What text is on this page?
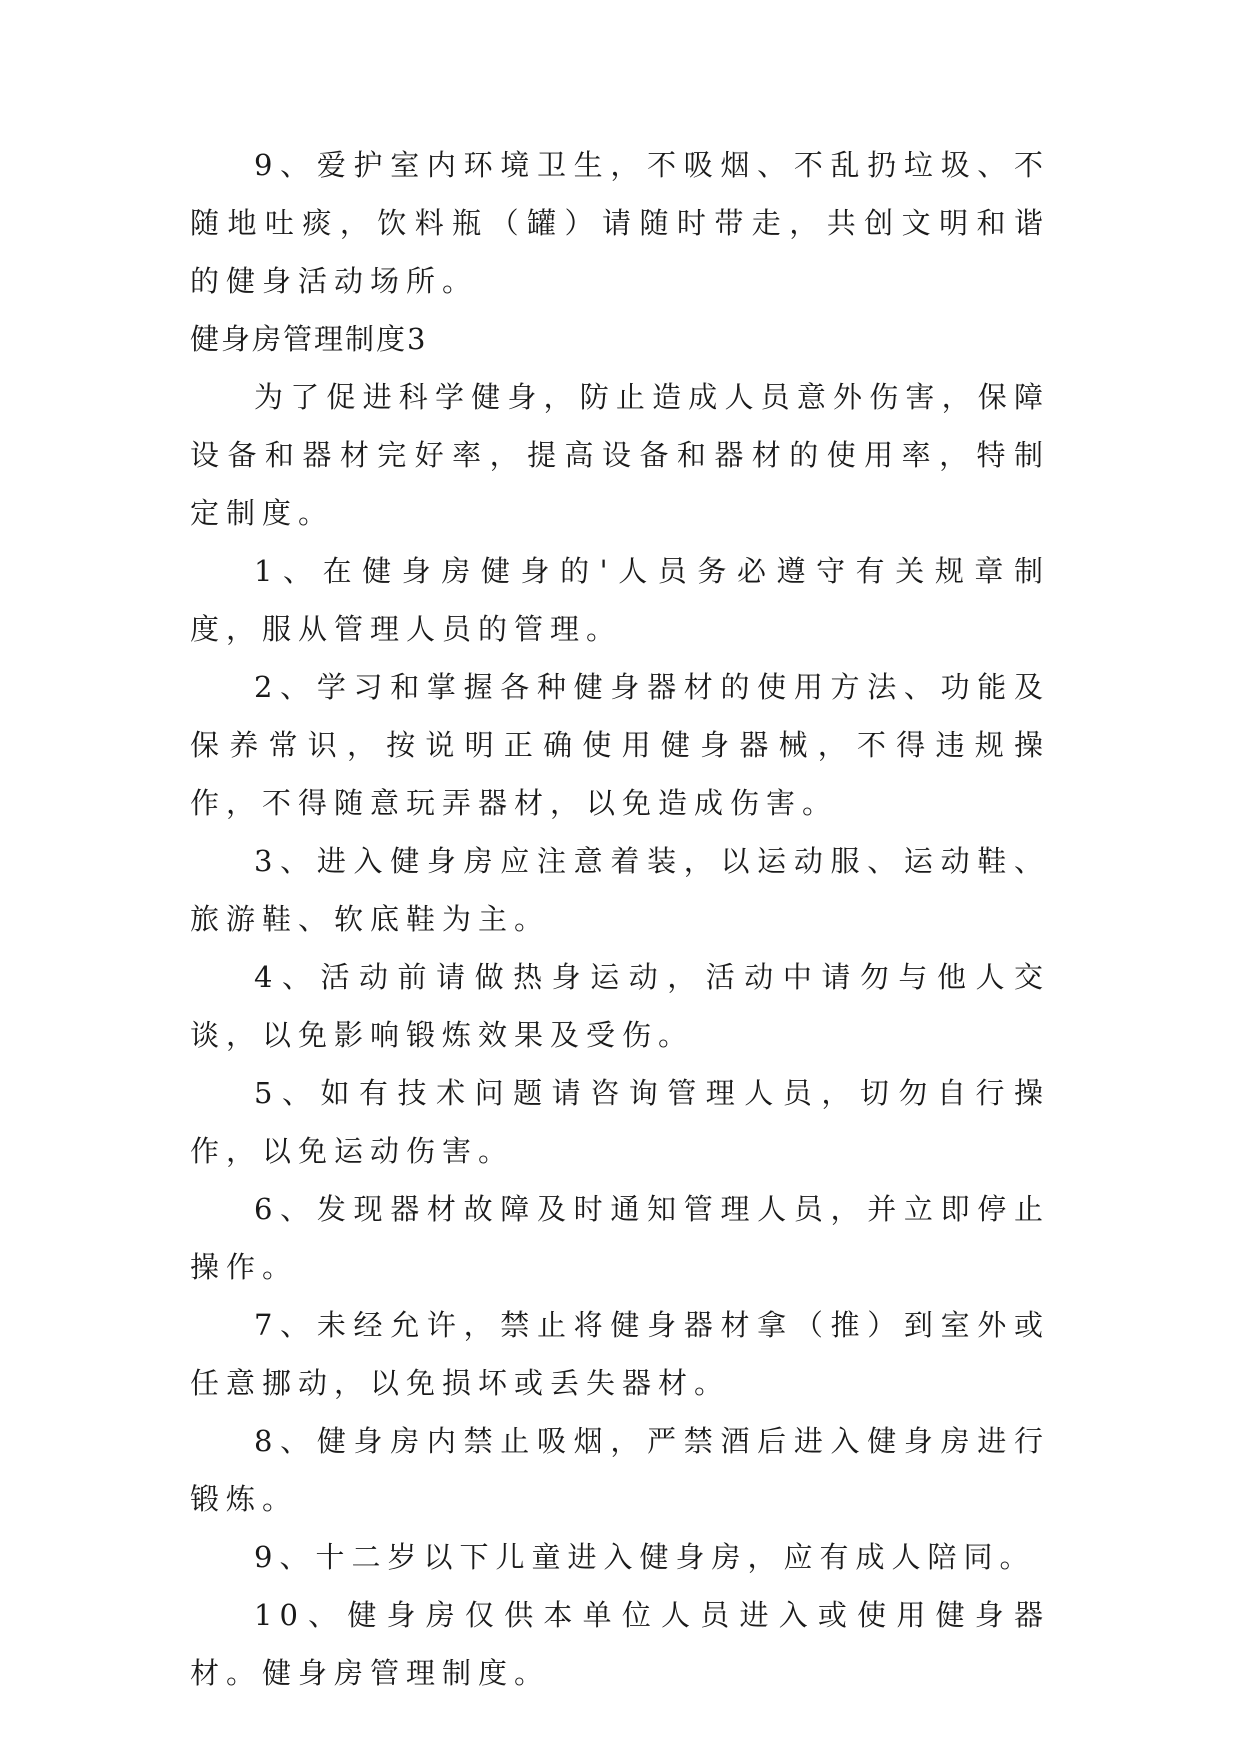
9、爱护室内环境卫生，不吸烟、不乱扔垃圾、不随地吐痰，饮料瓶（罐）请随时带走，共创文明和谐的健身活动场所。

健身房管理制度3

为了促进科学健身，防止造成人员意外伤害，保障设备和器材完好率，提高设备和器材的使用率，特制定制度。

1、在健身房健身的'人员务必遵守有关规章制度，服从管理人员的管理。

2、学习和掌握各种健身器材的使用方法、功能及保养常识，按说明正确使用健身器械，不得违规操作，不得随意玩弄器材，以免造成伤害。

3、进入健身房应注意着装，以运动服、运动鞋、旅游鞋、软底鞋为主。

4、活动前请做热身运动，活动中请勿与他人交谈，以免影响锻炼效果及受伤。

5、如有技术问题请咨询管理人员，切勿自行操作，以免运动伤害。

6、发现器材故障及时通知管理人员，并立即停止操作。

7、未经允许，禁止将健身器材拿（推）到室外或任意挪动，以免损坏或丢失器材。

8、健身房内禁止吸烟，严禁酒后进入健身房进行锻炼。

9、十二岁以下儿童进入健身房，应有成人陪同。

10、健身房仅供本单位人员进入或使用健身器材。健身房管理制度。
